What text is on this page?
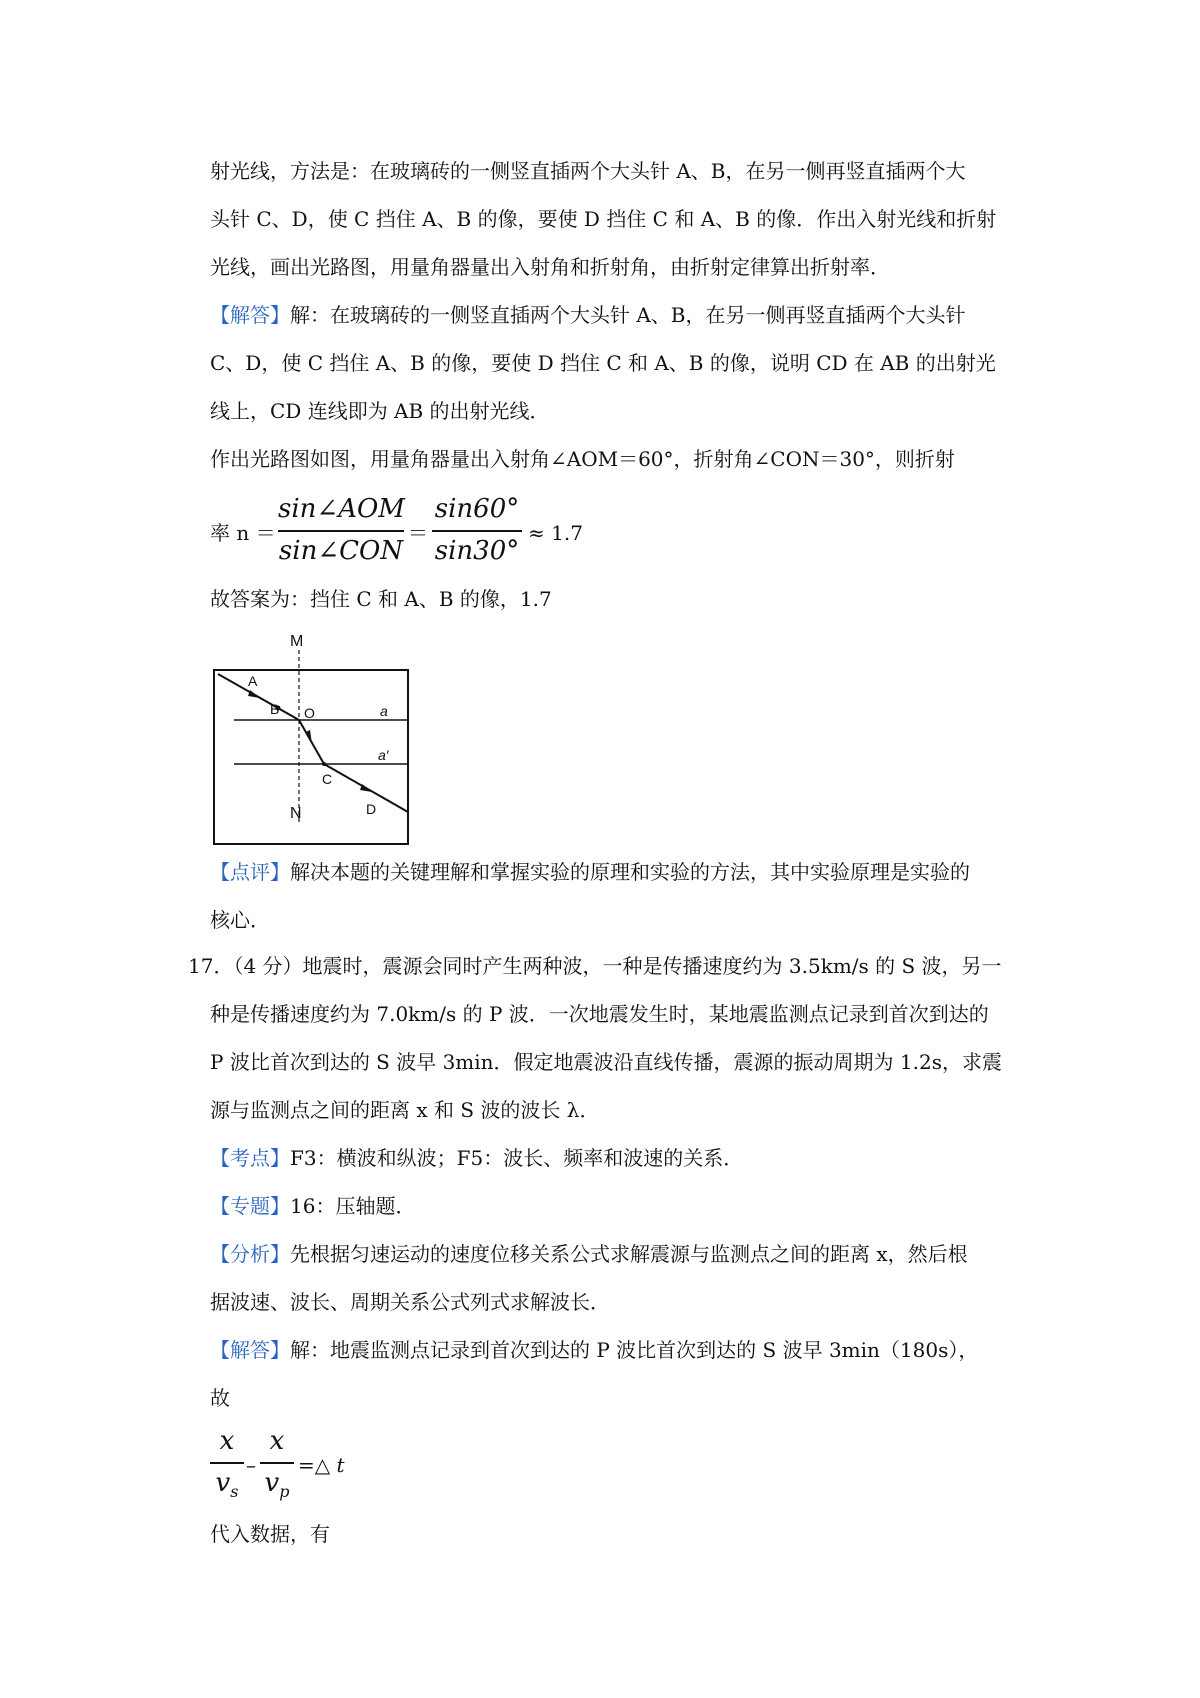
射光线，方法是：在玻璃砖的一侧竖直插两个大头针 A、B，在另一侧再竖直插两个大
头针 C、D，使 C 挡住 A、B 的像，要使 D 挡住 C 和 A、B 的像．作出入射光线和折射
光线，画出光路图，用量角器量出入射角和折射角，由折射定律算出折射率．
【解答】解：在玻璃砖的一侧竖直插两个大头针 A、B，在另一侧再竖直插两个大头针
C、D，使 C 挡住 A、B 的像，要使 D 挡住 C 和 A、B 的像，说明 CD 在 AB 的出射光
线上，CD 连线即为 AB 的出射光线．
作出光路图如图，用量角器量出入射角∠AOM＝60°，折射角∠CON＝30°，则折射
率 n ＝
sin∠AOM
sin∠CON
＝
sin60°
sin30°
≈ 1.7
故答案为：挡住 C 和 A、B 的像，1.7
M
A
B O	a
a′
C
N	D
【点评】解决本题的关键理解和掌握实验的原理和实验的方法，其中实验原理是实验的
核心．
17．（4 分）地震时，震源会同时产生两种波，一种是传播速度约为 3.5km/s 的 S 波，另一
种是传播速度约为 7.0km/s 的 P 波．一次地震发生时，某地震监测点记录到首次到达的
P 波比首次到达的 S 波早 3min．假定地震波沿直线传播，震源的振动周期为 1.2s，求震
源与监测点之间的距离 x 和 S 波的波长 λ．
【考点】F3：横波和纵波；F5：波长、频率和波速的关系．
【专题】16：压轴题．
【分析】先根据匀速运动的速度位移关系公式求解震源与监测点之间的距离 x，然后根
据波速、波长、周期关系公式列式求解波长．
【解答】解：地震监测点记录到首次到达的 P 波比首次到达的 S 波早 3min（180s），
故
x
$v_s$
–
x
$v_p$
=△ t
代入数据，有
